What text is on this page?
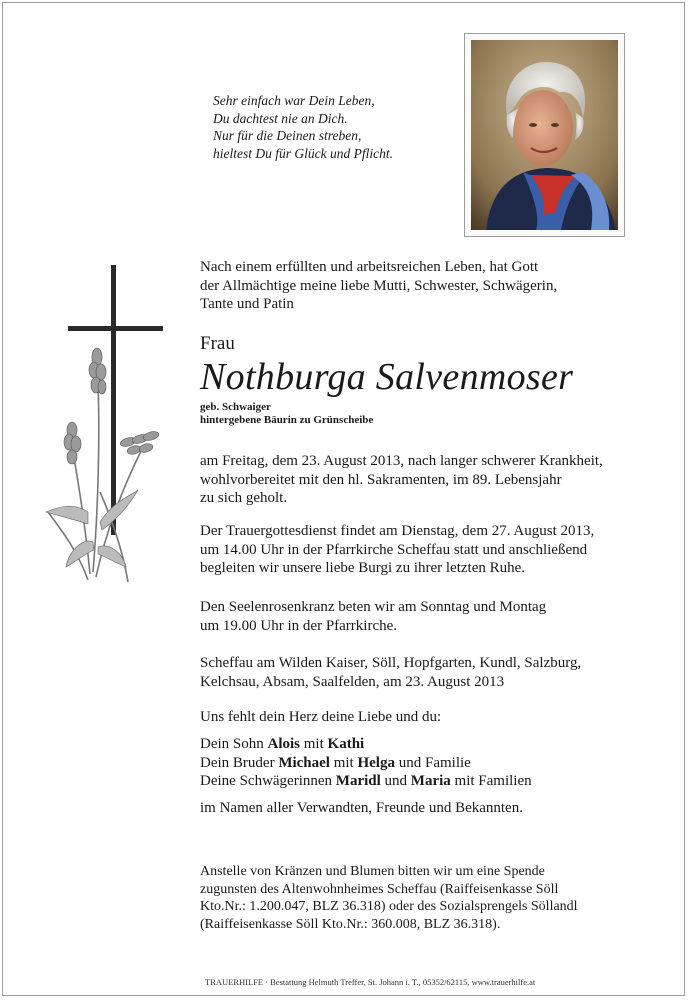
Sehr einfach war Dein Leben,
Du dachtest nie an Dich.
Nur für die Deinen streben,
hieltest Du für Glück und Pflicht.
Nach einem erfüllten und arbeitsreichen Leben, hat Gott
der Allmächtige meine liebe Mutti, Schwester, Schwägerin,
Tante und Patin
Frau
Nothburga Salvenmoser
geb. Schwaiger
hintergebene Bäurin zu Grünscheibe
am Freitag, dem 23. August 2013, nach langer schwerer Krankheit,
wohlvorbereitet mit den hl. Sakramenten, im 89. Lebensjahr
zu sich geholt.
Der Trauergottesdienst findet am Dienstag, dem 27. August 2013,
um 14.00 Uhr in der Pfarrkirche Scheffau statt und anschließend
begleiten wir unsere liebe Burgi zu ihrer letzten Ruhe.
Den Seelenrosenkranz beten wir am Sonntag und Montag
um 19.00 Uhr in der Pfarrkirche.
Scheffau am Wilden Kaiser, Söll, Hopfgarten, Kundl, Salzburg,
Kelchsau, Absam, Saalfelden, am 23. August 2013
Uns fehlt dein Herz deine Liebe und du:
Dein Sohn Alois mit Kathi
Dein Bruder Michael mit Helga und Familie
Deine Schwägerinnen Maridl und Maria mit Familien
im Namen aller Verwandten, Freunde und Bekannten.
Anstelle von Kränzen und Blumen bitten wir um eine Spende
zugunsten des Altenwohnheimes Scheffau (Raiffeisenkasse Söll
Kto.Nr.: 1.200.047, BLZ 36.318) oder des Sozialsprengels Söllandl
(Raiffeisenkasse Söll Kto.Nr.: 360.008, BLZ 36.318).
TRAUERHILFE · Bestattung Helmuth Treffer, St. Johann i. T., 05352/62115, www.trauerhilfe.at
